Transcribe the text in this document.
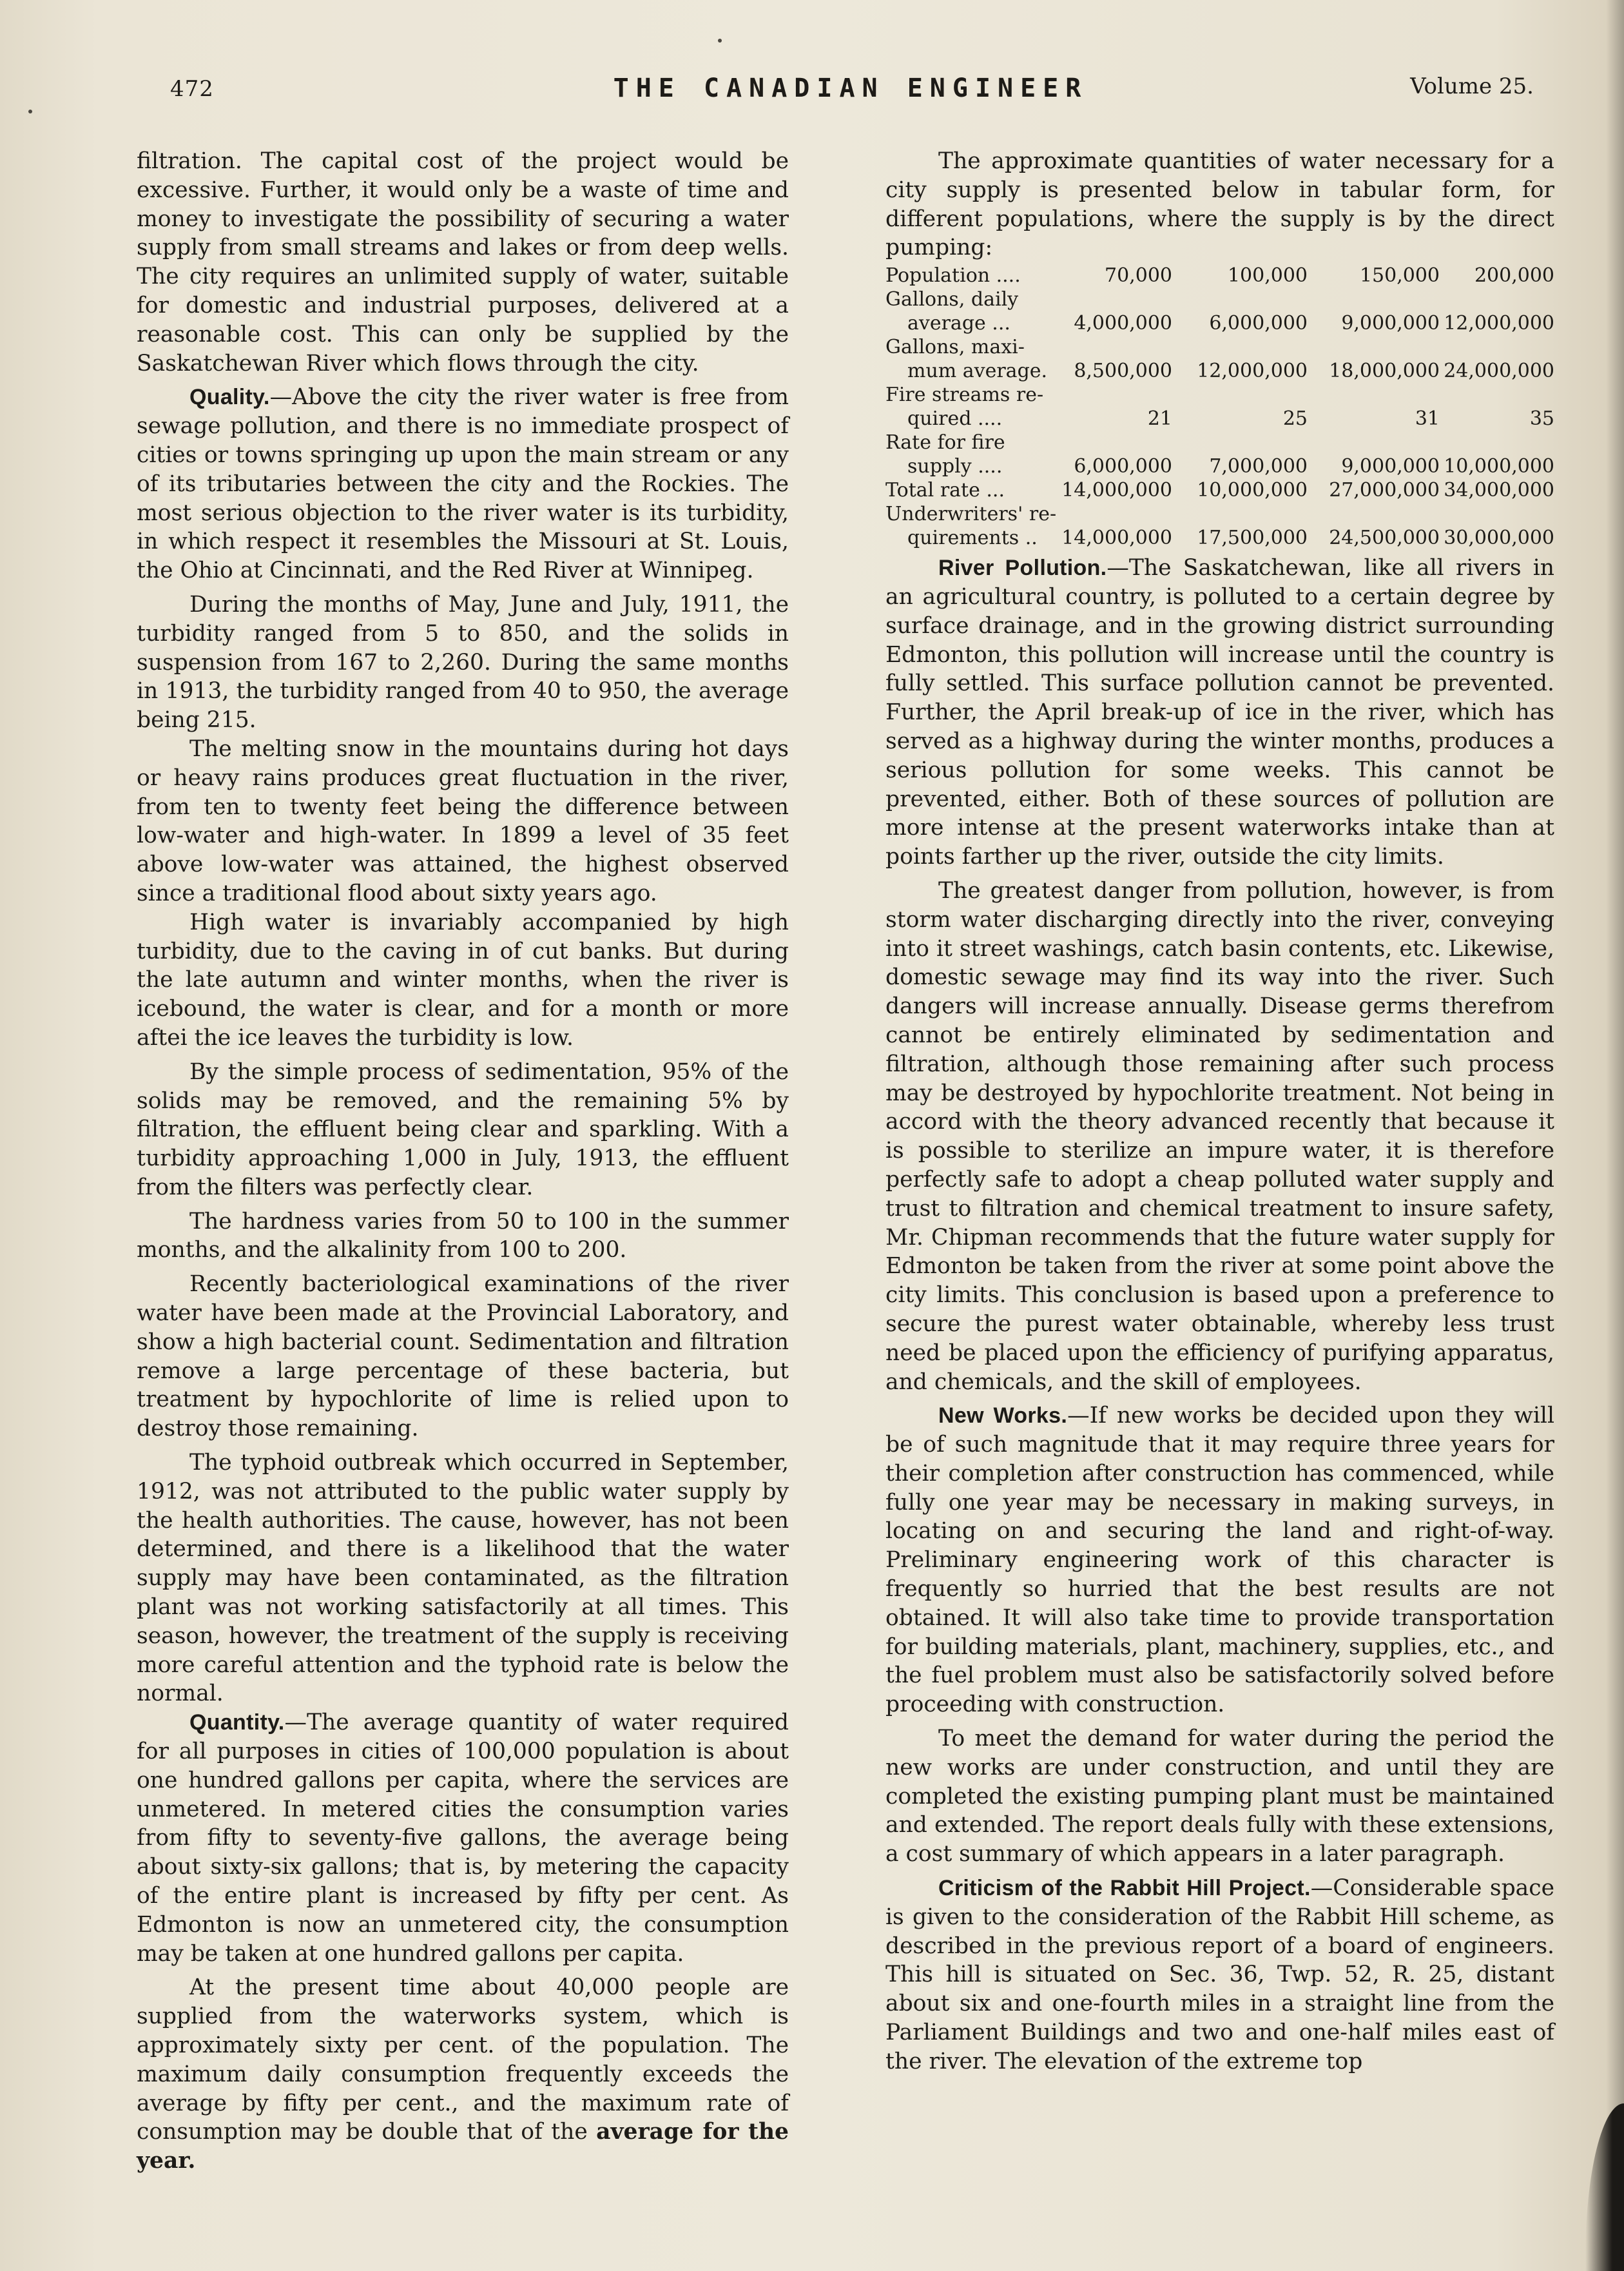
472	THE CANADIAN ENGINEER	Volume 25.

filtration. The capital cost of the project would be excessive. Further, it would only be a waste of time and money to investigate the possibility of securing a water supply from small streams and lakes or from deep wells. The city requires an unlimited supply of water, suitable for domestic and industrial purposes, delivered at a reasonable cost. This can only be supplied by the Saskatchewan River which flows through the city.

Quality.—Above the city the river water is free from sewage pollution, and there is no immediate prospect of cities or towns springing up upon the main stream or any of its tributaries between the city and the Rockies. The most serious objection to the river water is its turbidity, in which respect it resembles the Missouri at St. Louis, the Ohio at Cincinnati, and the Red River at Winnipeg.

During the months of May, June and July, 1911, the turbidity ranged from 5 to 850, and the solids in suspension from 167 to 2,260. During the same months in 1913, the turbidity ranged from 40 to 950, the average being 215.

The melting snow in the mountains during hot days or heavy rains produces great fluctuation in the river, from ten to twenty feet being the difference between low-water and high-water. In 1899 a level of 35 feet above low-water was attained, the highest observed since a traditional flood about sixty years ago.

High water is invariably accompanied by high turbidity, due to the caving in of cut banks. But during the late autumn and winter months, when the river is icebound, the water is clear, and for a month or more aftei the ice leaves the turbidity is low.

By the simple process of sedimentation, 95% of the solids may be removed, and the remaining 5% by filtration, the effluent being clear and sparkling. With a turbidity approaching 1,000 in July, 1913, the effluent from the filters was perfectly clear.

The hardness varies from 50 to 100 in the summer months, and the alkalinity from 100 to 200.

Recently bacteriological examinations of the river water have been made at the Provincial Laboratory, and show a high bacterial count. Sedimentation and filtration remove a large percentage of these bacteria, but treatment by hypochlorite of lime is relied upon to destroy those remaining.

The typhoid outbreak which occurred in September, 1912, was not attributed to the public water supply by the health authorities. The cause, however, has not been determined, and there is a likelihood that the water supply may have been contaminated, as the filtration plant was not working satisfactorily at all times. This season, however, the treatment of the supply is receiving more careful attention and the typhoid rate is below the normal.

Quantity.—The average quantity of water required for all purposes in cities of 100,000 population is about one hundred gallons per capita, where the services are unmetered. In metered cities the consumption varies from fifty to seventy-five gallons, the average being about sixty-six gallons; that is, by metering the capacity of the entire plant is increased by fifty per cent. As Edmonton is now an unmetered city, the consumption may be taken at one hundred gallons per capita.

At the present time about 40,000 people are supplied from the waterworks system, which is approximately sixty per cent. of the population. The maximum daily consumption frequently exceeds the average by fifty per cent., and the maximum rate of consumption may be double that of the average for the year.

The approximate quantities of water necessary for a city supply is presented below in tabular form, for different populations, where the supply is by the direct pumping:

Population ....	70,000	100,000	150,000	200,000

Gallons, daily
average ...	4,000,000	6,000,000	9,000,000	12,000,000

Gallons, maxi-
mum average.	8,500,000	12,000,000	18,000,000	24,000,000

Fire streams re-
quired ....	21	25	31	35

Rate for fire
supply ....	6,000,000	7,000,000	9,000,000	10,000,000

Total rate ...	14,000,000	10,000,000	27,000,000	34,000,000

Underwriters' re-
quirements ..	14,000,000	17,500,000	24,500,000	30,000,000

River Pollution.—The Saskatchewan, like all rivers in an agricultural country, is polluted to a certain degree by surface drainage, and in the growing district surrounding Edmonton, this pollution will increase until the country is fully settled. This surface pollution cannot be prevented. Further, the April break-up of ice in the river, which has served as a highway during the winter months, produces a serious pollution for some weeks. This cannot be prevented, either. Both of these sources of pollution are more intense at the present waterworks intake than at points farther up the river, outside the city limits.

The greatest danger from pollution, however, is from storm water discharging directly into the river, conveying into it street washings, catch basin contents, etc. Likewise, domestic sewage may find its way into the river. Such dangers will increase annually. Disease germs therefrom cannot be entirely eliminated by sedimentation and filtration, although those remaining after such process may be destroyed by hypochlorite treatment. Not being in accord with the theory advanced recently that because it is possible to sterilize an impure water, it is therefore perfectly safe to adopt a cheap polluted water supply and trust to filtration and chemical treatment to insure safety, Mr. Chipman recommends that the future water supply for Edmonton be taken from the river at some point above the city limits. This conclusion is based upon a preference to secure the purest water obtainable, whereby less trust need be placed upon the efficiency of purifying apparatus, and chemicals, and the skill of employees.

New Works.—If new works be decided upon they will be of such magnitude that it may require three years for their completion after construction has commenced, while fully one year may be necessary in making surveys, in locating on and securing the land and right-of-way. Preliminary engineering work of this character is frequently so hurried that the best results are not obtained. It will also take time to provide transportation for building materials, plant, machinery, supplies, etc., and the fuel problem must also be satisfactorily solved before proceeding with construction.

To meet the demand for water during the period the new works are under construction, and until they are completed the existing pumping plant must be maintained and extended. The report deals fully with these extensions, a cost summary of which appears in a later paragraph.

Criticism of the Rabbit Hill Project.—Considerable space is given to the consideration of the Rabbit Hill scheme, as described in the previous report of a board of engineers. This hill is situated on Sec. 36, Twp. 52, R. 25, distant about six and one-fourth miles in a straight line from the Parliament Buildings and two and one-half miles east of the river. The elevation of the extreme top
